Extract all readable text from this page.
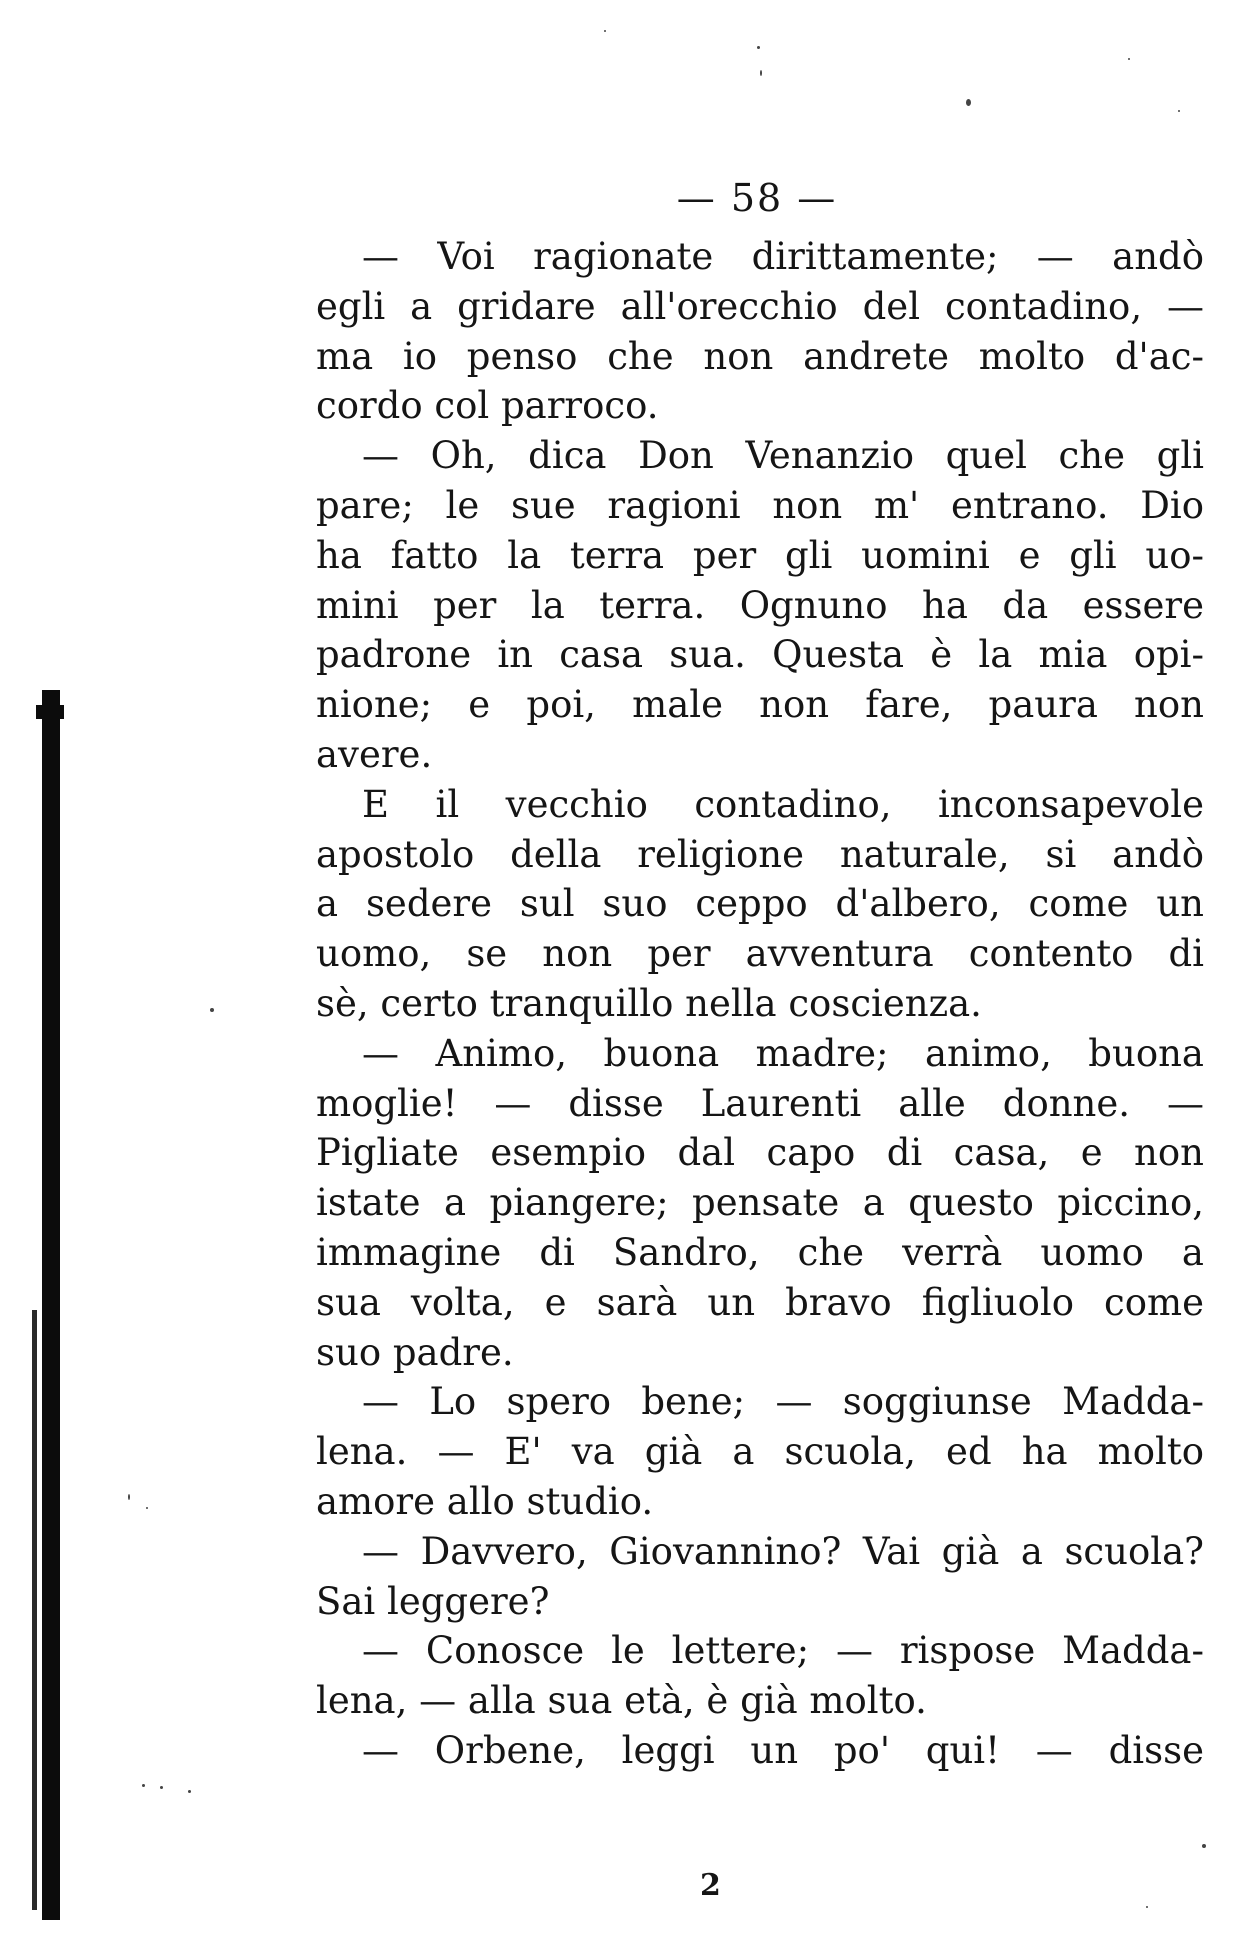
— 58 —

— Voi ragionate dirittamente; — andò
egli a gridare all'orecchio del contadino, —
ma io penso che non andrete molto d'ac-
cordo col parroco.

— Oh, dica Don Venanzio quel che gli
pare; le sue ragioni non m' entrano. Dio
ha fatto la terra per gli uomini e gli uo-
mini per la terra. Ognuno ha da essere
padrone in casa sua. Questa è la mia opi-
nione; e poi, male non fare, paura non
avere.

E il vecchio contadino, inconsapevole
apostolo della religione naturale, si andò
a sedere sul suo ceppo d'albero, come un
uomo, se non per avventura contento di
sè, certo tranquillo nella coscienza.

— Animo, buona madre; animo, buona
moglie! — disse Laurenti alle donne. —
Pigliate esempio dal capo di casa, e non
istate a piangere; pensate a questo piccino,
immagine di Sandro, che verrà uomo a
sua volta, e sarà un bravo figliuolo come
suo padre.

— Lo spero bene; — soggiunse Madda-
lena. — E' va già a scuola, ed ha molto
amore allo studio.

— Davvero, Giovannino? Vai già a scuola?
Sai leggere?

— Conosce le lettere; — rispose Madda-
lena, — alla sua età, è già molto.

— Orbene, leggi un po' qui! — disse

2
